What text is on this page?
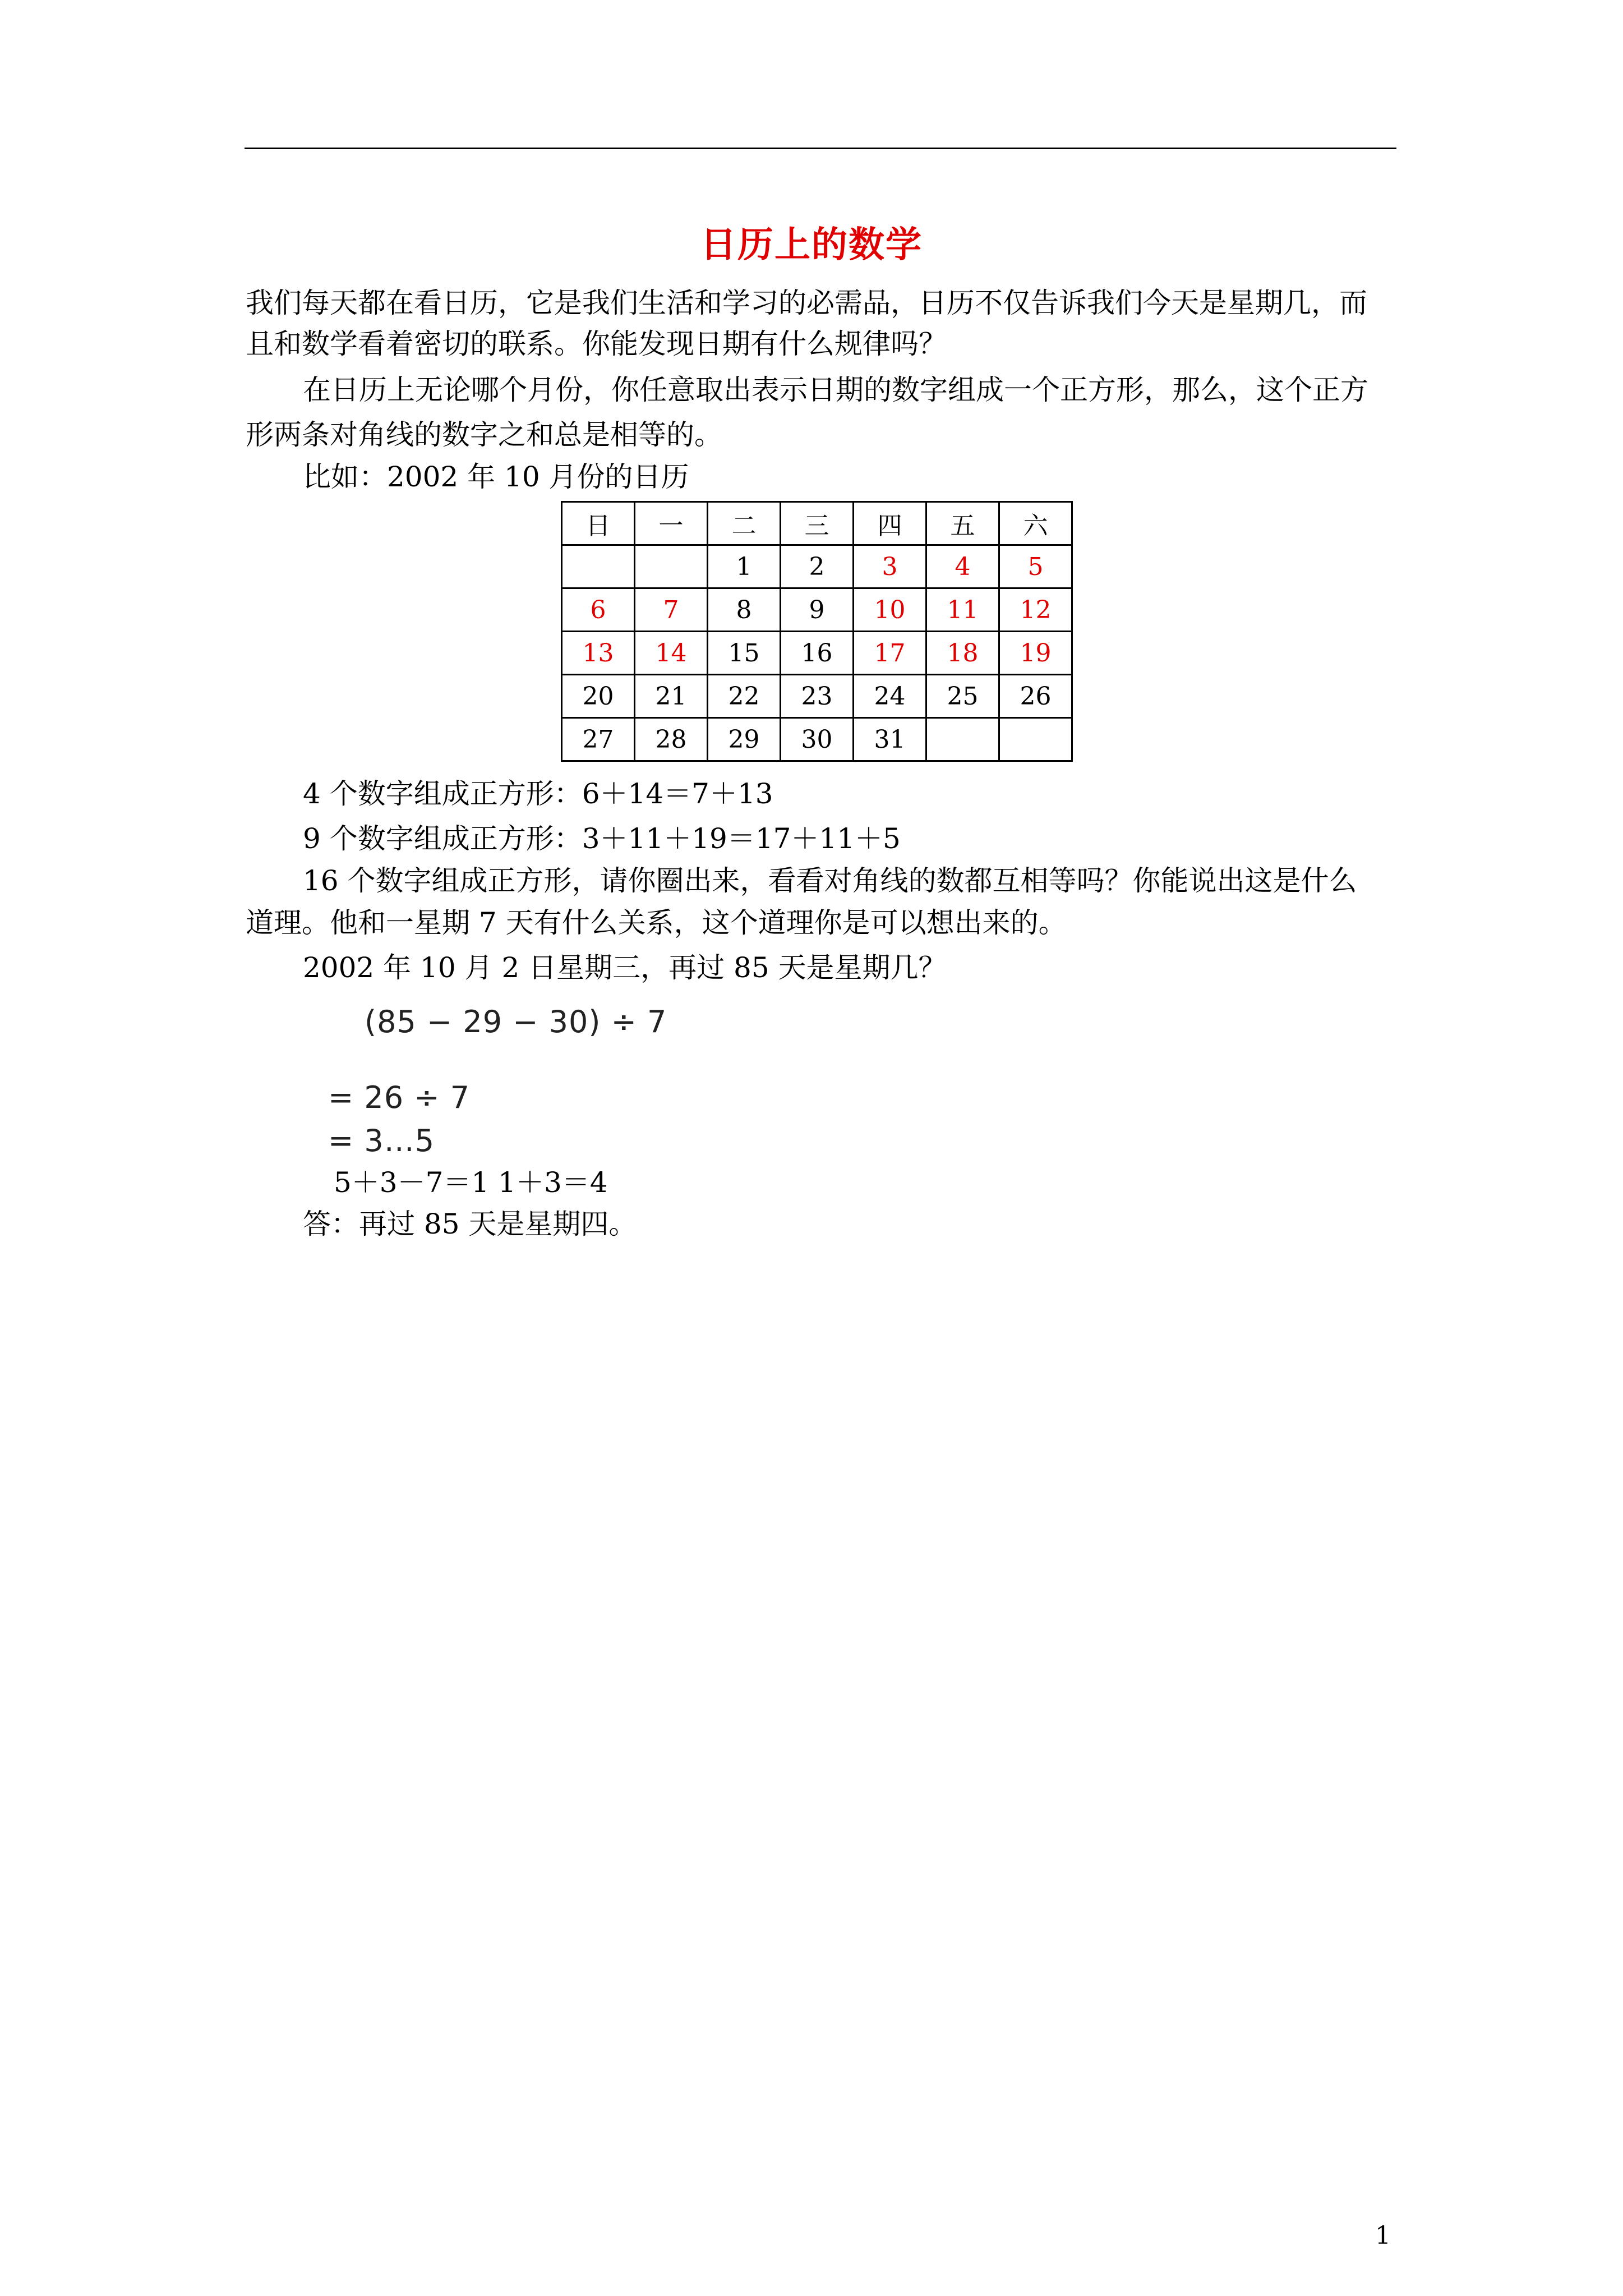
日历上的数学
我们每天都在看日历，它是我们生活和学习的必需品，日历不仅告诉我们今天是星期几，而
且和数学看着密切的联系。你能发现日期有什么规律吗？
在日历上无论哪个月份，你任意取出表示日期的数字组成一个正方形，那么，这个正方
形两条对角线的数字之和总是相等的。
比如：2002 年 10 月份的日历
日	一	二	三	四	五	六
		1	2	3	4	5
6	7	8	9	10	11	12
13	14	15	16	17	18	19
20	21	22	23	24	25	26
27	28	29	30	31		
4 个数字组成正方形：6＋14＝7＋13
9 个数字组成正方形：3＋11＋19＝17＋11＋5
16 个数字组成正方形，请你圈出来，看看对角线的数都互相等吗？你能说出这是什么
道理。他和一星期 7 天有什么关系，这个道理你是可以想出来的。
2002 年 10 月 2 日星期三，再过 85 天是星期几？
(85 − 29 − 30) ÷ 7
= 26 ÷ 7
= 3…5
5＋3－7＝1 1＋3＝4
答：再过 85 天是星期四。
1
